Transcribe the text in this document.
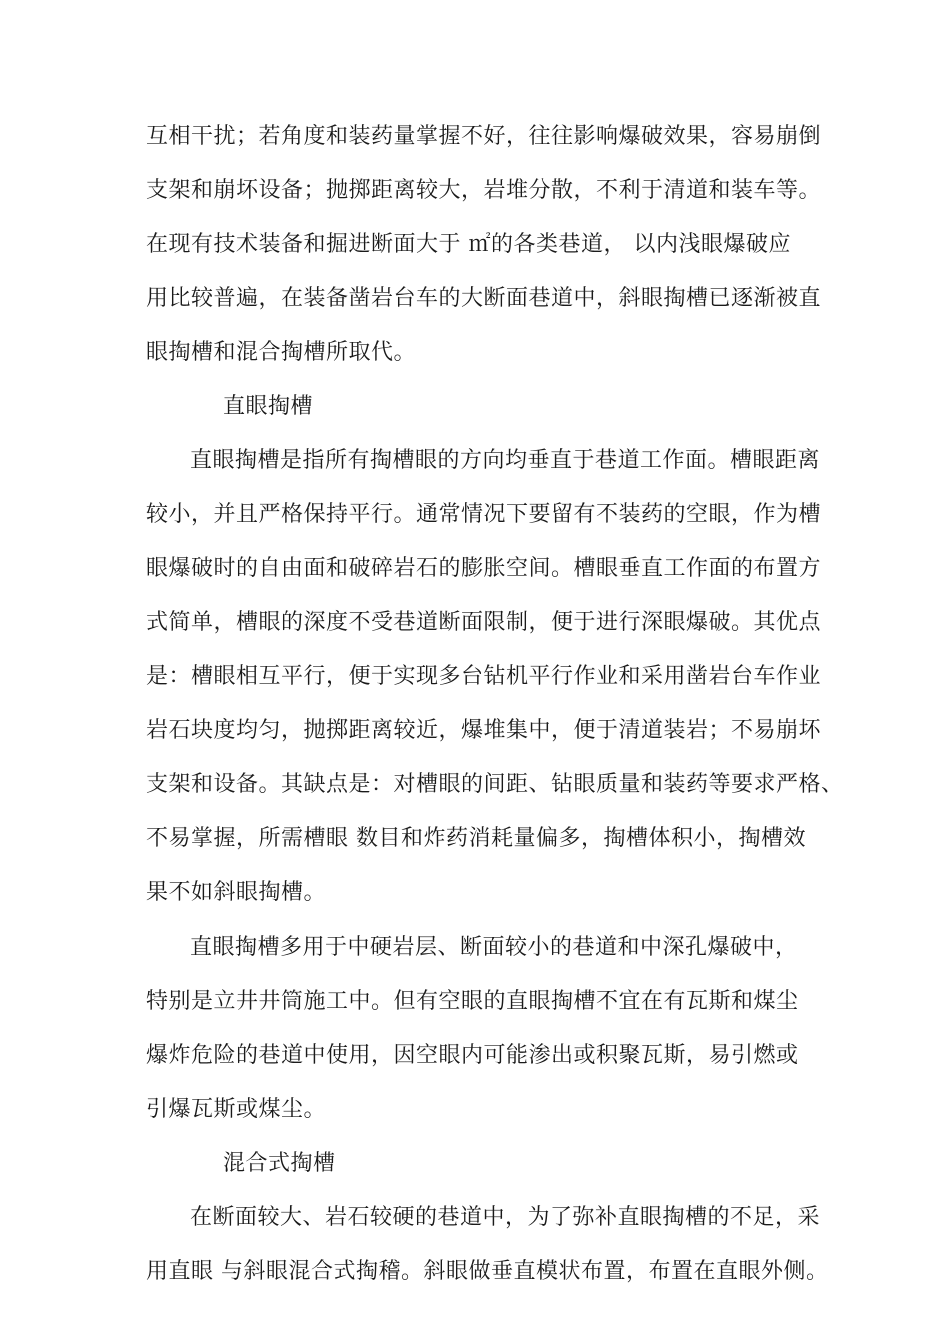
互相干扰；若角度和装药量掌握不好，往往影响爆破效果，容易崩倒
支架和崩坏设备；抛掷距离较大，岩堆分散，不利于清道和装车等。
在现有技术装备和掘进断面大于 ㎡的各类巷道， 以内浅眼爆破应
用比较普遍，在装备凿岩台车的大断面巷道中，斜眼掏槽已逐渐被直
眼掏槽和混合掏槽所取代。
直眼掏槽
直眼掏槽是指所有掏槽眼的方向均垂直于巷道工作面。槽眼距离
较小，并且严格保持平行。通常情况下要留有不装药的空眼，作为槽
眼爆破时的自由面和破碎岩石的膨胀空间。槽眼垂直工作面的布置方
式简单，槽眼的深度不受巷道断面限制，便于进行深眼爆破。其优点
是：槽眼相互平行，便于实现多台钻机平行作业和采用凿岩台车作业
岩石块度均匀，抛掷距离较近，爆堆集中，便于清道装岩；不易崩坏
支架和设备。其缺点是：对槽眼的间距、钻眼质量和装药等要求严格、
不易掌握，所需槽眼 数目和炸药消耗量偏多，掏槽体积小，掏槽效
果不如斜眼掏槽。
直眼掏槽多用于中硬岩层、断面较小的巷道和中深孔爆破中，
特别是立井井筒施工中。但有空眼的直眼掏槽不宜在有瓦斯和煤尘
爆炸危险的巷道中使用，因空眼内可能渗出或积聚瓦斯，易引燃或
引爆瓦斯或煤尘。
混合式掏槽
在断面较大、岩石较硬的巷道中，为了弥补直眼掏槽的不足，采
用直眼 与斜眼混合式掏稽。斜眼做垂直模状布置，布置在直眼外侧。
